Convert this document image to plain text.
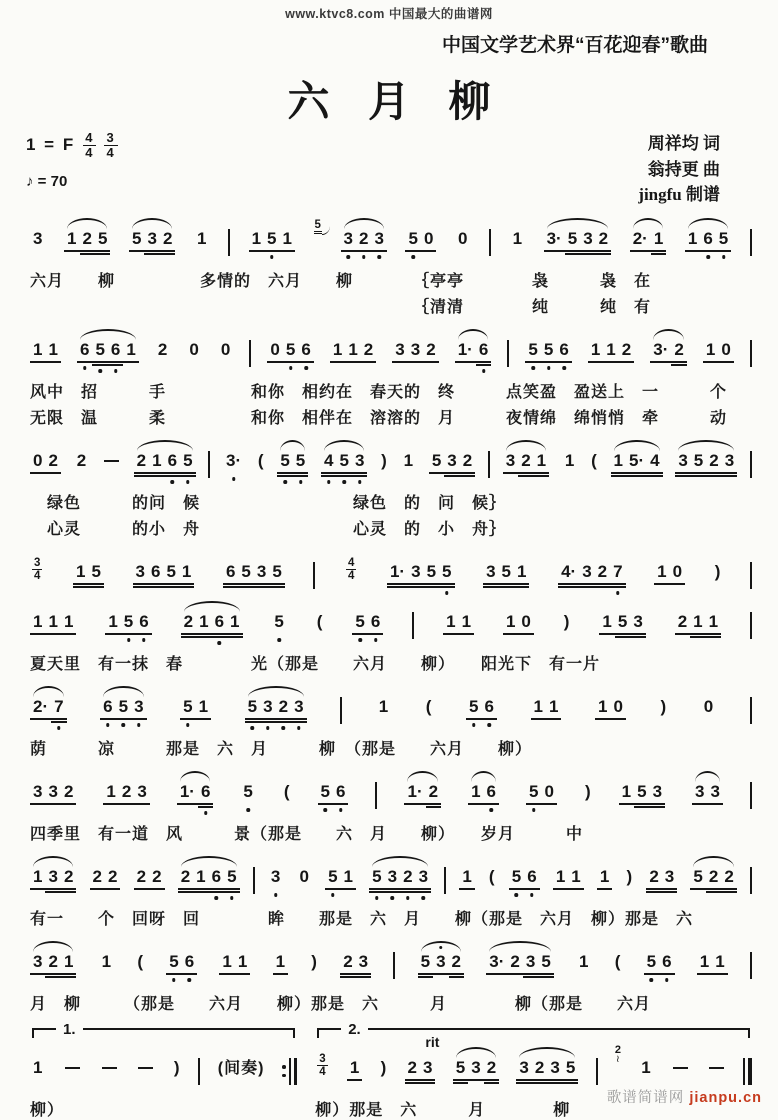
www.ktvc8.com 中国最大的曲谱网
中国文学艺术界“百花迎春”歌曲
六 月 柳
1 = F $\frac{4}{4} \frac{3}{4}$
♪ = 70
周祥均 词
翁持更 曲
jingfu 制谱
3 1 2 5 5 3 2 1	1 5 1
5
3 2 3 5 0 0	1 3· 5 3 2 2· 1 1 6 5
六月　　柳　　　　　多情的　六月　　柳　　　　｛亭亭　　　　袅　　　袅　在
　　　　　　　　　　　　　　　　　　　　　　　｛清清　　　　纯　　　纯　有
1 1 6 5 6 1 2 0 0 0 5 6 1 1 2 3 3 2 1· 6 5 5 6 1 1 2 3· 2 1 0
风中　招　　　手　　　　　和你　相约在　春天的　终　　　点笑盈　盈送上　一　　　个
无限　温　　　柔　　　　　和你　相伴在　溶溶的　月　　　夜情绵　绵悄悄　牵　　　动
0 2 2	2 1 6 5 3· ( 5 5 4 5 3 ) 1 5 3 2 3 2 1 1 ( 1 5· 4 3 5 2 3
　绿色　　　的问　候　　　　　　　　　绿色　的　问　候｝
　心灵　　　的小　舟　　　　　　　　　心灵　的　小　舟｝
3
4 1 5 3 6 5 1 6 5 3 5	4
4 1· 3 5 5 3 5 1 4· 3 2 7 1 0 )
1 1 1 1 5 6 2 1 6 1 5 ( 5 6	1 1 1 0 ) 1 5 3 2 1 1
夏天里　有一抹　春　　　　光（那是　　六月　　柳）　　阳光下　有一片
2· 7 6 5 3 5 1 5 3 2 3	1 ( 5 6 1 1 1 0 ) 0
荫　　　凉　　　那是　六　月　　　柳　（那是　　六月　　柳）
3 3 2 1 2 3 1· 6 5 ( 5 6	1· 2 1 6 5 0 ) 1 5 3 3 3
四季里　有一道　风　　　景（那是　　六　月　　柳）　　岁月　　　中
1 3 2 2 2 2 2 2 1 6 5 3 0 5 1 5 3 2 3 1 ( 5 6 1 1 1 ) 2 3 5 2 2
有一　　个　回呀　回　　　　眸　　那是　六　月　　柳（那是　六月　柳）那是　六
3 2 1 1 ( 5 6 1 1 1 ) 2 3	5 3 2 3· 2 3 5 1 ( 5 6 1 1
月　柳　　　（那是　　六月　　柳）那是　六　　　月　　　　柳（那是　　六月
1.
1	) (间奏)
柳）
2.
rit
3
4 1 ) 2 3 5 3 2 3 2 3 5
2
≀ 1
柳）那是　六　　　月　　　　柳
歌谱简谱网 jianpu.cn
